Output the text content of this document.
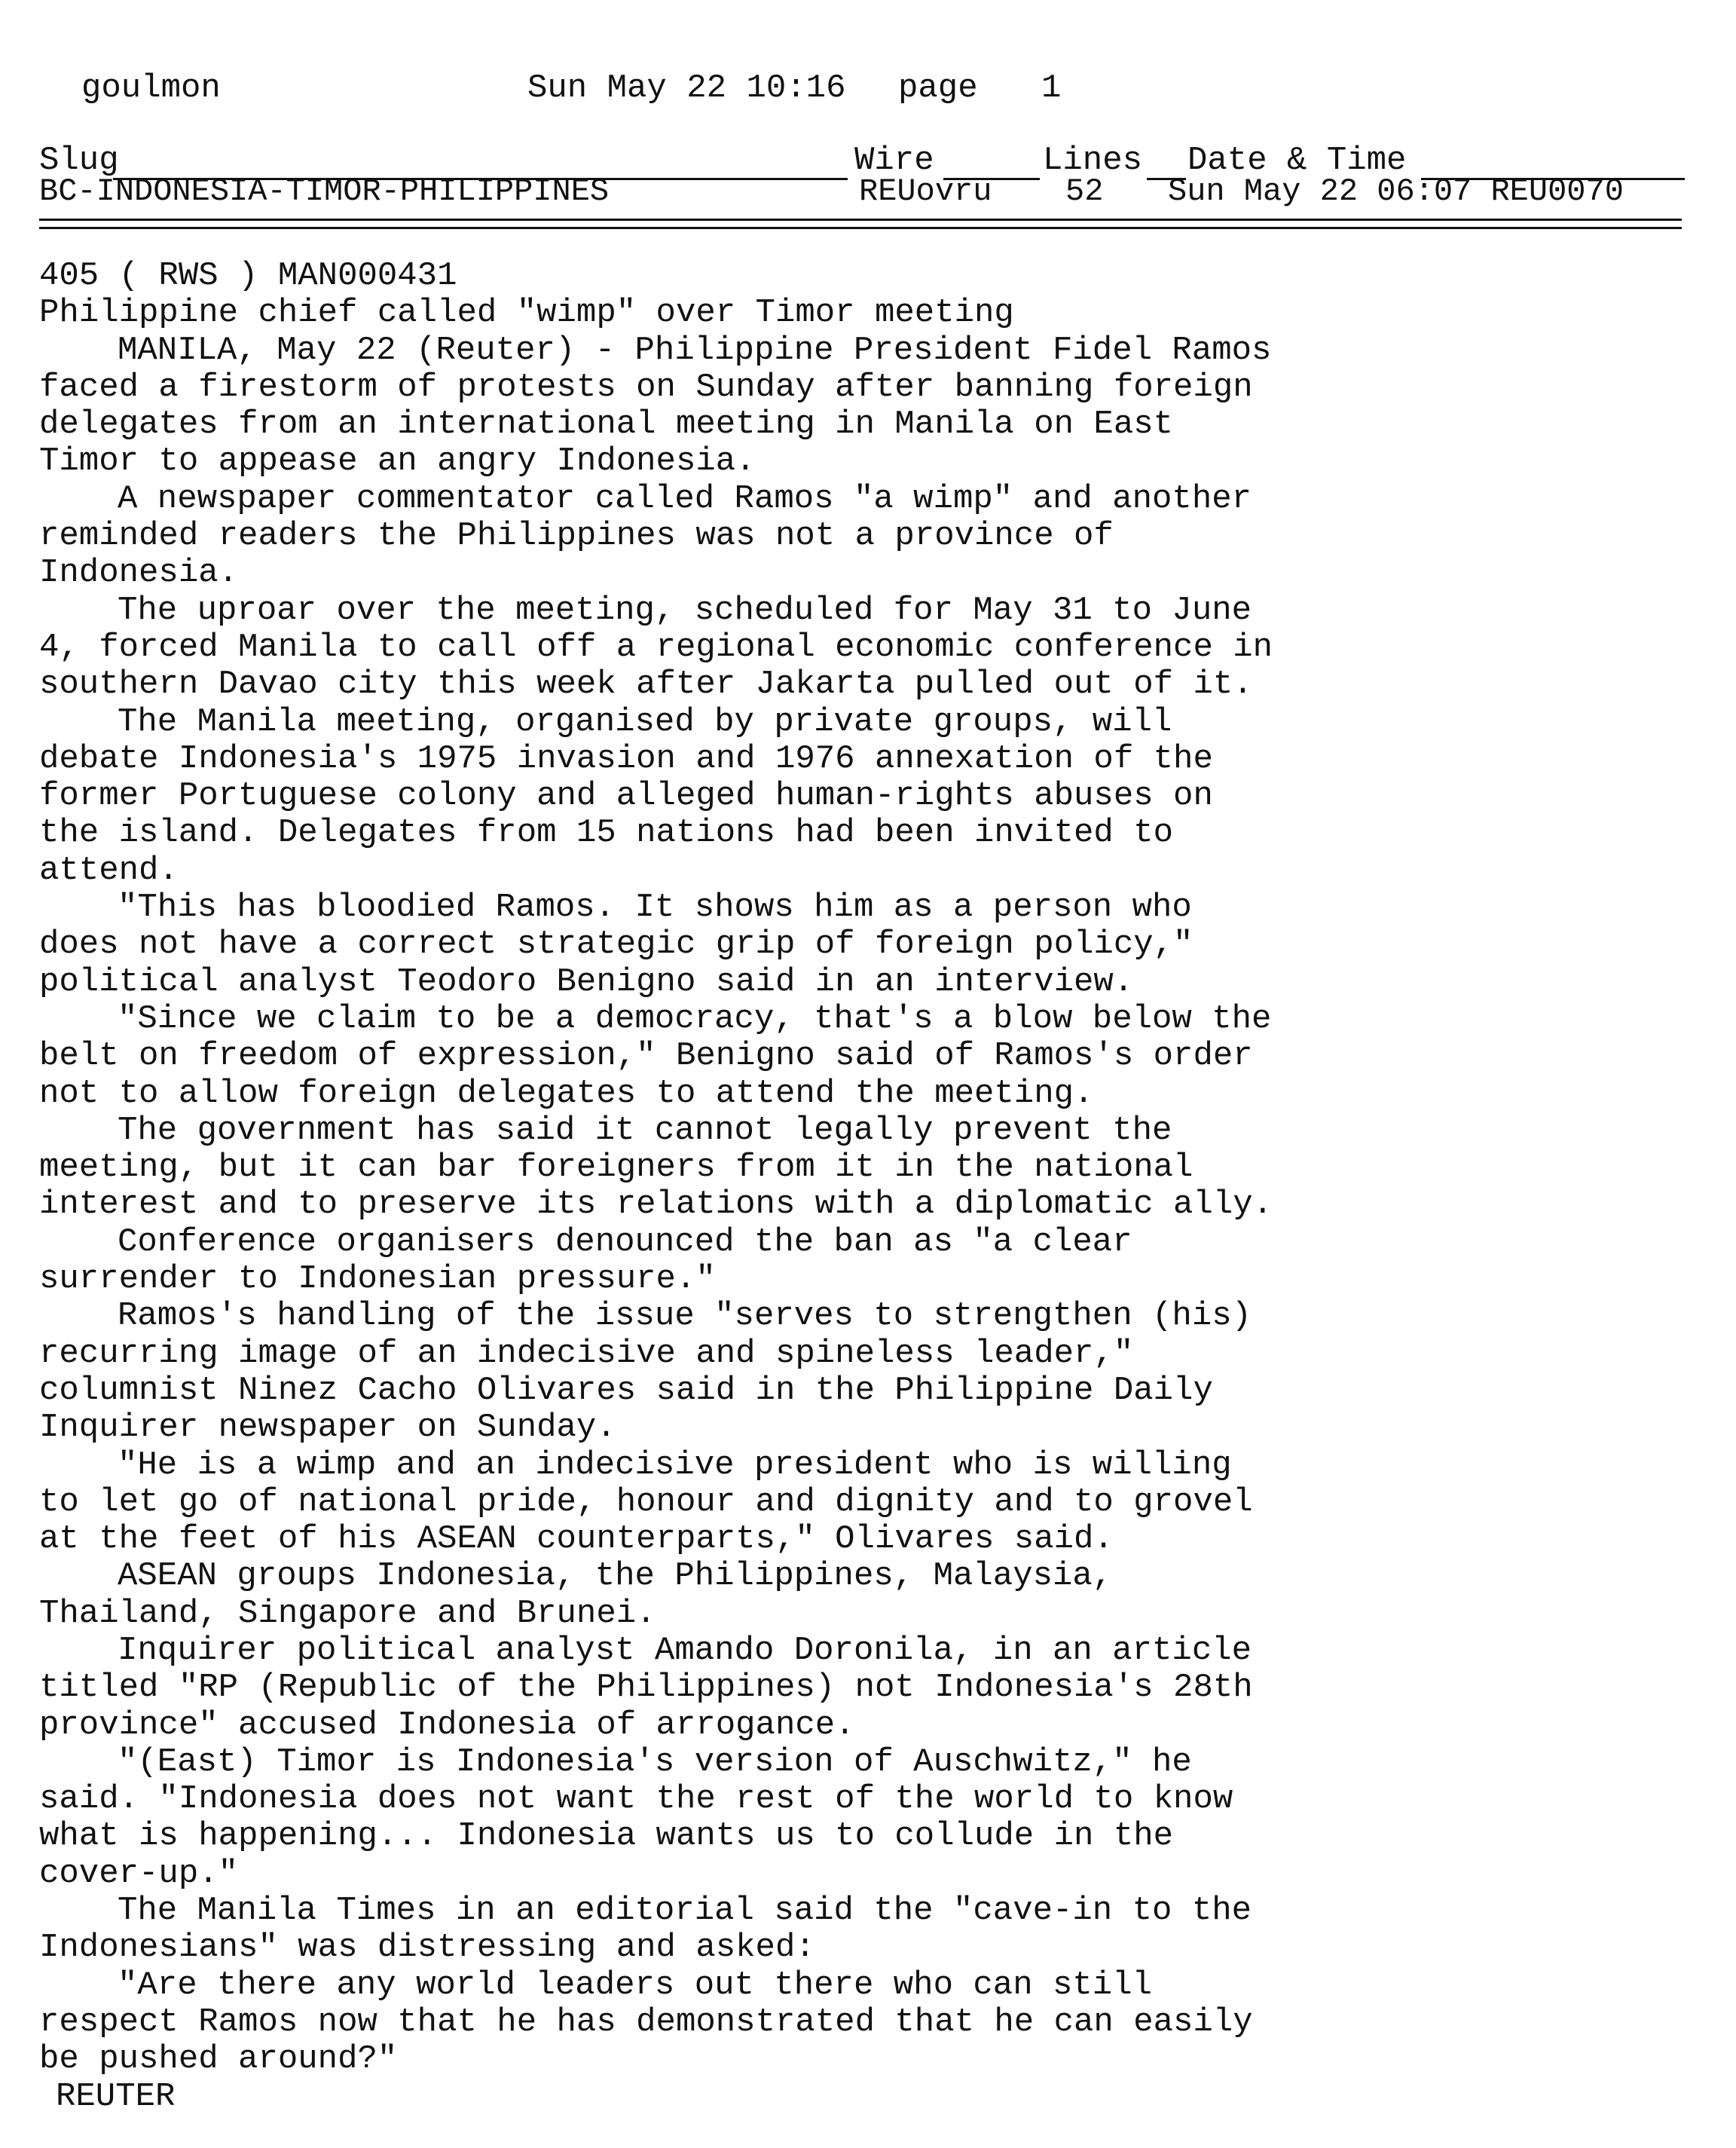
goulmon	Sun May 22 10:16 page 1
Slug	Wire	Lines Date & Time
BC-INDONESIA-TIMOR-PHILIPPINES	REUovru 52 Sun May 22 06:07 REU0070
405 ( RWS ) MAN000431
Philippine chief called "wimp" over Timor meeting
MANILA, May 22 (Reuter) - Philippine President Fidel Ramos
faced a firestorm of protests on Sunday after banning foreign
delegates from an international meeting in Manila on East
Timor to appease an angry Indonesia.
A newspaper commentator called Ramos "a wimp" and another
reminded readers the Philippines was not a province of
Indonesia.
The uproar over the meeting, scheduled for May 31 to June
4, forced Manila to call off a regional economic conference in
southern Davao city this week after Jakarta pulled out of it.
The Manila meeting, organised by private groups, will
debate Indonesia's 1975 invasion and 1976 annexation of the
former Portuguese colony and alleged human-rights abuses on
the island. Delegates from 15 nations had been invited to
attend.
"This has bloodied Ramos. It shows him as a person who
does not have a correct strategic grip of foreign policy,"
political analyst Teodoro Benigno said in an interview.
"Since we claim to be a democracy, that's a blow below the
belt on freedom of expression," Benigno said of Ramos's order
not to allow foreign delegates to attend the meeting.
The government has said it cannot legally prevent the
meeting, but it can bar foreigners from it in the national
interest and to preserve its relations with a diplomatic ally.
Conference organisers denounced the ban as "a clear
surrender to Indonesian pressure."
Ramos's handling of the issue "serves to strengthen (his)
recurring image of an indecisive and spineless leader,"
columnist Ninez Cacho Olivares said in the Philippine Daily
Inquirer newspaper on Sunday.
"He is a wimp and an indecisive president who is willing
to let go of national pride, honour and dignity and to grovel
at the feet of his ASEAN counterparts," Olivares said.
ASEAN groups Indonesia, the Philippines, Malaysia,
Thailand, Singapore and Brunei.
Inquirer political analyst Amando Doronila, in an article
titled "RP (Republic of the Philippines) not Indonesia's 28th
province" accused Indonesia of arrogance.
"(East) Timor is Indonesia's version of Auschwitz," he
said. "Indonesia does not want the rest of the world to know
what is happening... Indonesia wants us to collude in the
cover-up."
The Manila Times in an editorial said the "cave-in to the
Indonesians" was distressing and asked:
"Are there any world leaders out there who can still
respect Ramos now that he has demonstrated that he can easily
be pushed around?"
REUTER
